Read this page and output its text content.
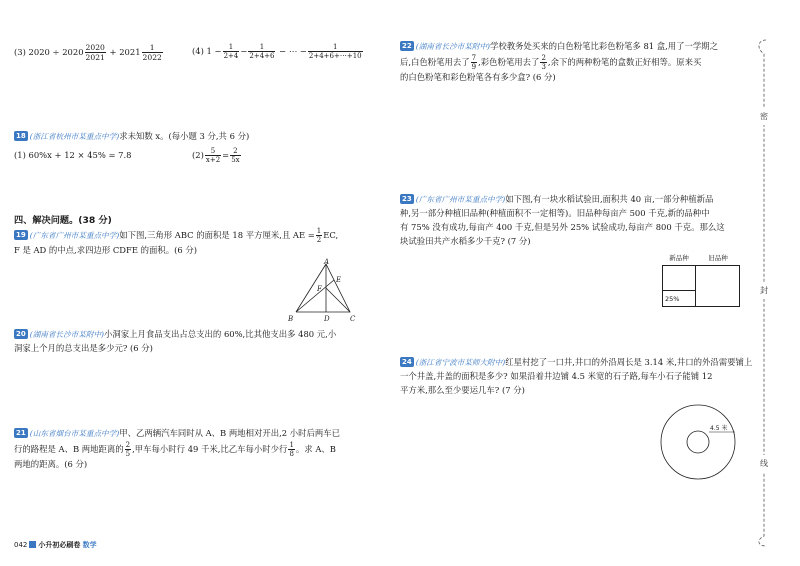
(3) $2020 \div 2020 \frac{2020}{2021} + 2021 \frac{1}{2022}$	(4) $1 - \frac{1}{2+4} - \frac{1}{2+4+6}$ − ⋯ − $\frac{1}{2+4+6+\cdots+10}$
18 (浙江省杭州市某重点中学)求未知数 x。(每小题 3 分,共 6 分)
(1) 60%x + 12 × 45% = 7.8	$(2) \frac{5}{x+2} = \frac{2}{5x}$
四、解决问题。(38 分)
19 (广东省广州市某重点中学)如下图,三角形 ABC 的面积是 18 平方厘米,且 AE = $\frac{1}{2}$ EC,
F 是 AD 的中点,求四边形 CDFE 的面积。(6 分)
A
B	C
D
E
F
20 (湖南省长沙市某附中)小洞家上月食品支出占总支出的 60%,比其他支出多 480 元,小
洞家上个月的总支出是多少元? (6 分)
21 (山东省烟台市某重点中学)甲、乙两辆汽车同时从 A、B 两地相对开出,2 小时后两车已
行的路程是 A、B 两地距离的 $\frac{2}{5}$ ,甲车每小时行 49 千米,比乙车每小时少行 $\frac{1}{8}$ 。求 A、B
两地的距离。(6 分)
042 小升初必刷卷 数学
22 (湖南省长沙市某附中)学校教务处买来的白色粉笔比彩色粉笔多 81 盒,用了一学期之
后,白色粉笔用去了 $\frac{7}{9}$ ,彩色粉笔用去了 $\frac{2}{3}$ ,余下的两种粉笔的盒数正好相等。原来买
的白色粉笔和彩色粉笔各有多少盒? (6 分)
23 (广东省广州市某重点中学)如下图,有一块水稻试验田,面积共 40 亩,一部分种植新品
种,另一部分种植旧品种(种植面积不一定相等)。旧品种每亩产 500 千克,新的品种中
有 75% 没有成功,每亩产 400 千克,但是另外 25% 试验成功,每亩产 800 千克。那么这
块试验田共产水稻多少千克? (7 分)
新品种	旧品种
25%
24 (浙江省宁波市某师大附中)红星村挖了一口井,井口的外沿周长是 3.14 米,井口的外沿需要铺上
一个井盖,井盖的面积是多少? 如果沿着井边铺 4.5 米宽的石子路,每车小石子能铺 12
平方米,那么至少要运几车? (7 分)
4.5 米
密
封
线
